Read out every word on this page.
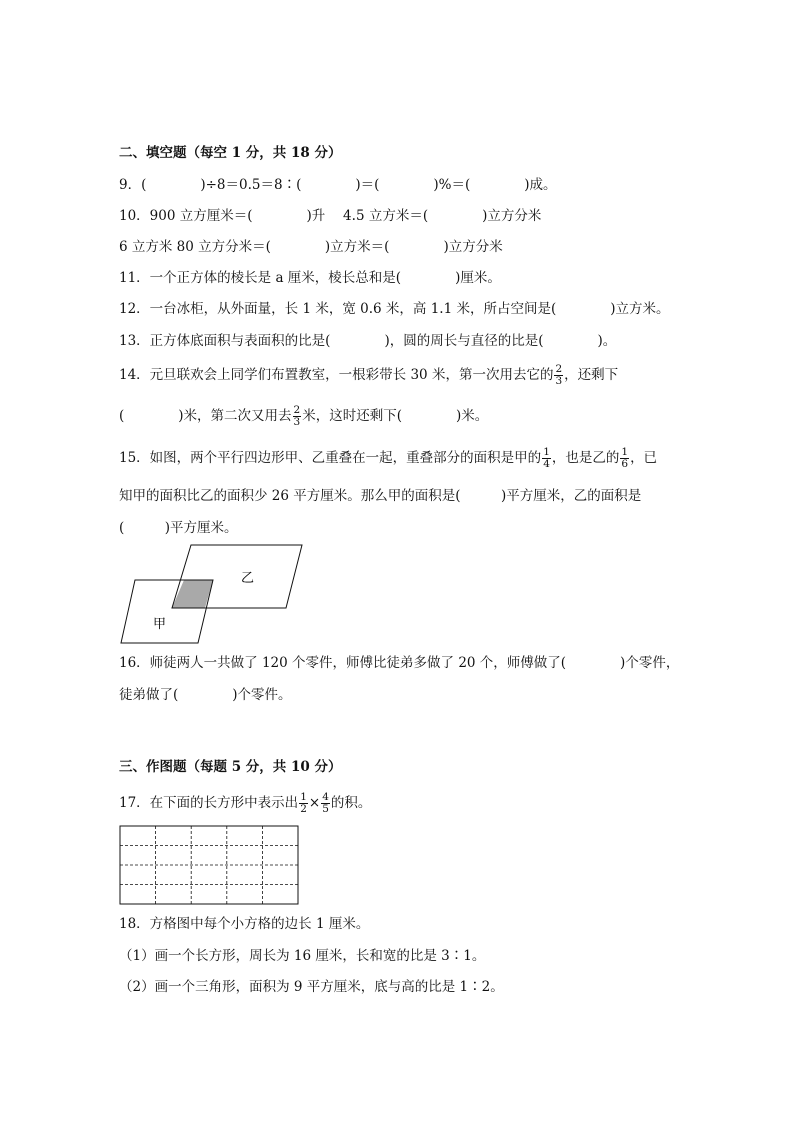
二、填空题（每空 1 分，共 18 分）
9．(　　　　)÷8＝0.5＝8∶(　　　　)＝(　　　　)%＝(　　　　)成。
10．900 立方厘米＝(　　　　)升　 4.5 立方米＝(　　　　)立方分米
6 立方米 80 立方分米＝(　　　　)立方米＝(　　　　)立方分米
11．一个正方体的棱长是 a 厘米，棱长总和是(　　　　)厘米。
12．一台冰柜，从外面量，长 1 米，宽 0.6 米，高 1.1 米，所占空间是(　　　　)立方米。
13．正方体底面积与表面积的比是(　　　　)，圆的周长与直径的比是(　　　　)。
14．元旦联欢会上同学们布置教室，一根彩带长 30 米，第一次用去它的 $\frac{2}{3}$ ，还剩下
(　　　　)米，第二次又用去 $\frac{2}{3}$ 米，这时还剩下(　　　　)米。
15．如图，两个平行四边形甲、乙重叠在一起，重叠部分的面积是甲的 $\frac{1}{4}$ ，也是乙的 $\frac{1}{6}$ ，已
知甲的面积比乙的面积少 26 平方厘米。那么甲的面积是(　　　)平方厘米，乙的面积是
(　　　)平方厘米。
乙
甲
16．师徒两人一共做了 120 个零件，师傅比徒弟多做了 20 个，师傅做了(　　　　)个零件，
徒弟做了(　　　　)个零件。
三、作图题（每题 5 分，共 10 分）
17．在下面的长方形中表示出 $\frac{1}{2} \times \frac{4}{5}$ 的积。
18．方格图中每个小方格的边长 1 厘米。
（1）画一个长方形，周长为 16 厘米，长和宽的比是 3∶1。
（2）画一个三角形，面积为 9 平方厘米，底与高的比是 1∶2。
